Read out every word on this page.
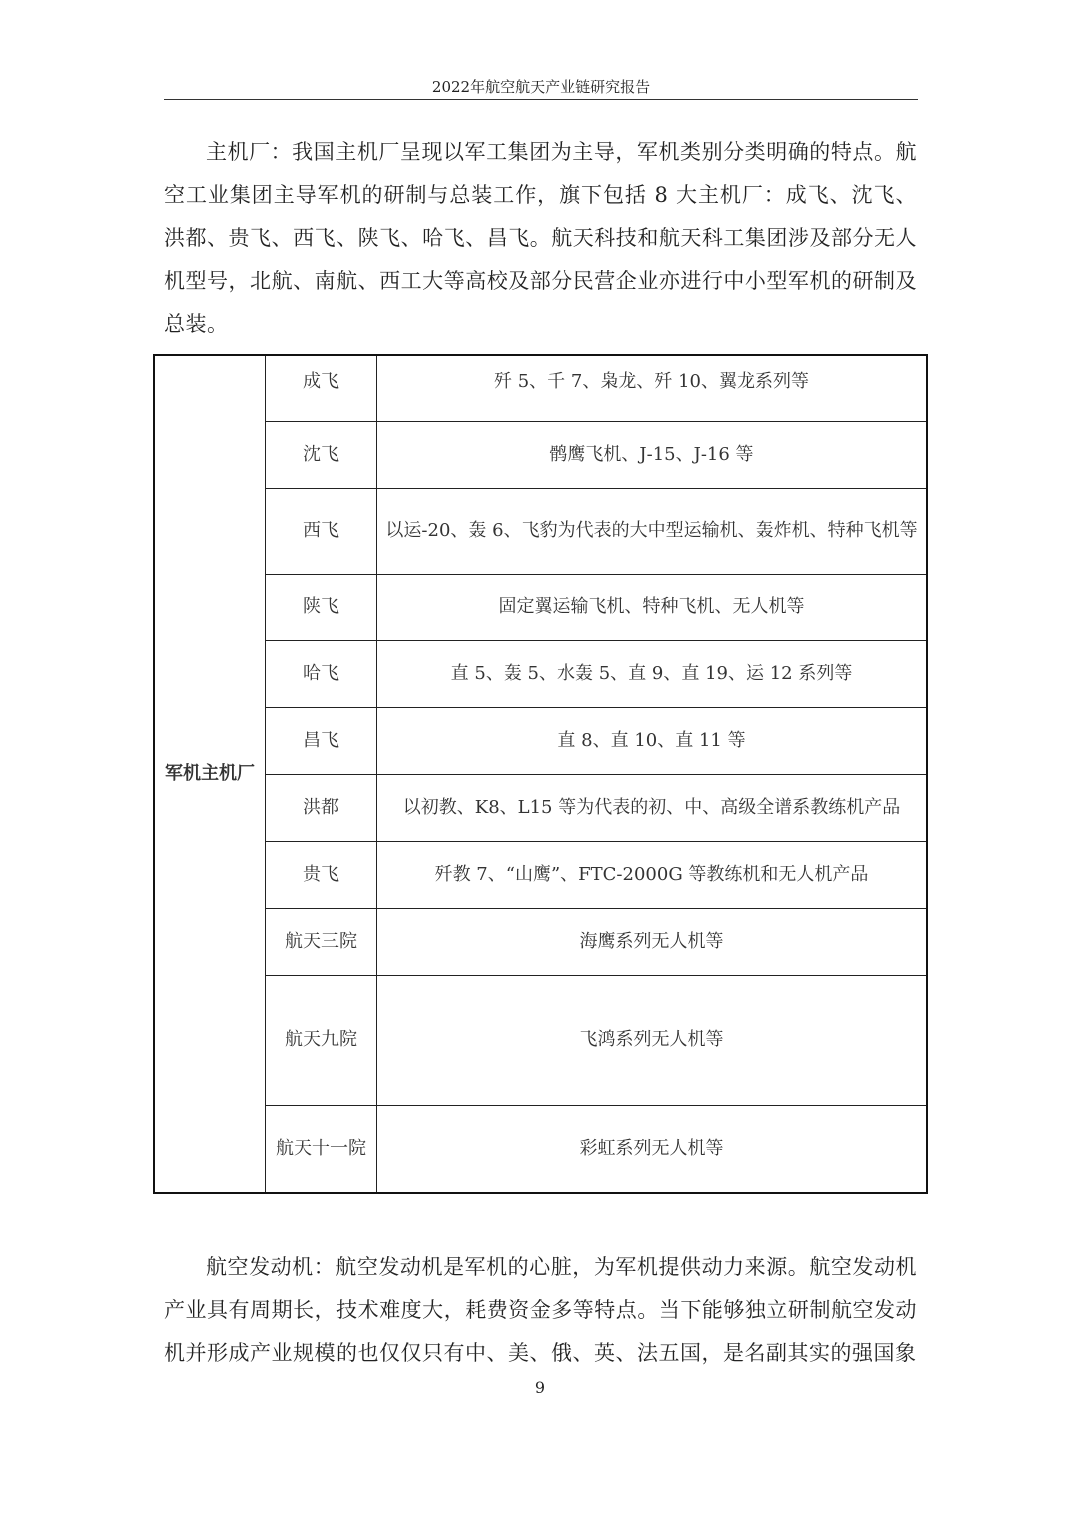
2022年航空航天产业链研究报告

主机厂：我国主机厂呈现以军工集团为主导，军机类别分类明确的特点。航空工业集团主导军机的研制与总装工作，旗下包括 8 大主机厂：成飞、沈飞、洪都、贵飞、西飞、陕飞、哈飞、昌飞。航天科技和航天科工集团涉及部分无人机型号，北航、南航、西工大等高校及部分民营企业亦进行中小型军机的研制及总装。

军机主机厂	成飞	歼 5、千 7、枭龙、歼 10、翼龙系列等
	沈飞	鹘鹰飞机、J-15、J-16 等
	西飞	以运-20、轰 6、飞豹为代表的大中型运输机、轰炸机、特种飞机等
	陕飞	固定翼运输飞机、特种飞机、无人机等
	哈飞	直 5、轰 5、水轰 5、直 9、直 19、运 12 系列等
	昌飞	直 8、直 10、直 11 等
	洪都	以初教、K8、L15 等为代表的初、中、高级全谱系教练机产品
	贵飞	歼教 7、“山鹰”、FTC-2000G 等教练机和无人机产品
	航天三院	海鹰系列无人机等
	航天九院	飞鸿系列无人机等
	航天十一院	彩虹系列无人机等

航空发动机：航空发动机是军机的心脏，为军机提供动力来源。航空发动机产业具有周期长，技术难度大，耗费资金多等特点。当下能够独立研制航空发动机并形成产业规模的也仅仅只有中、美、俄、英、法五国，是名副其实的强国象

9
